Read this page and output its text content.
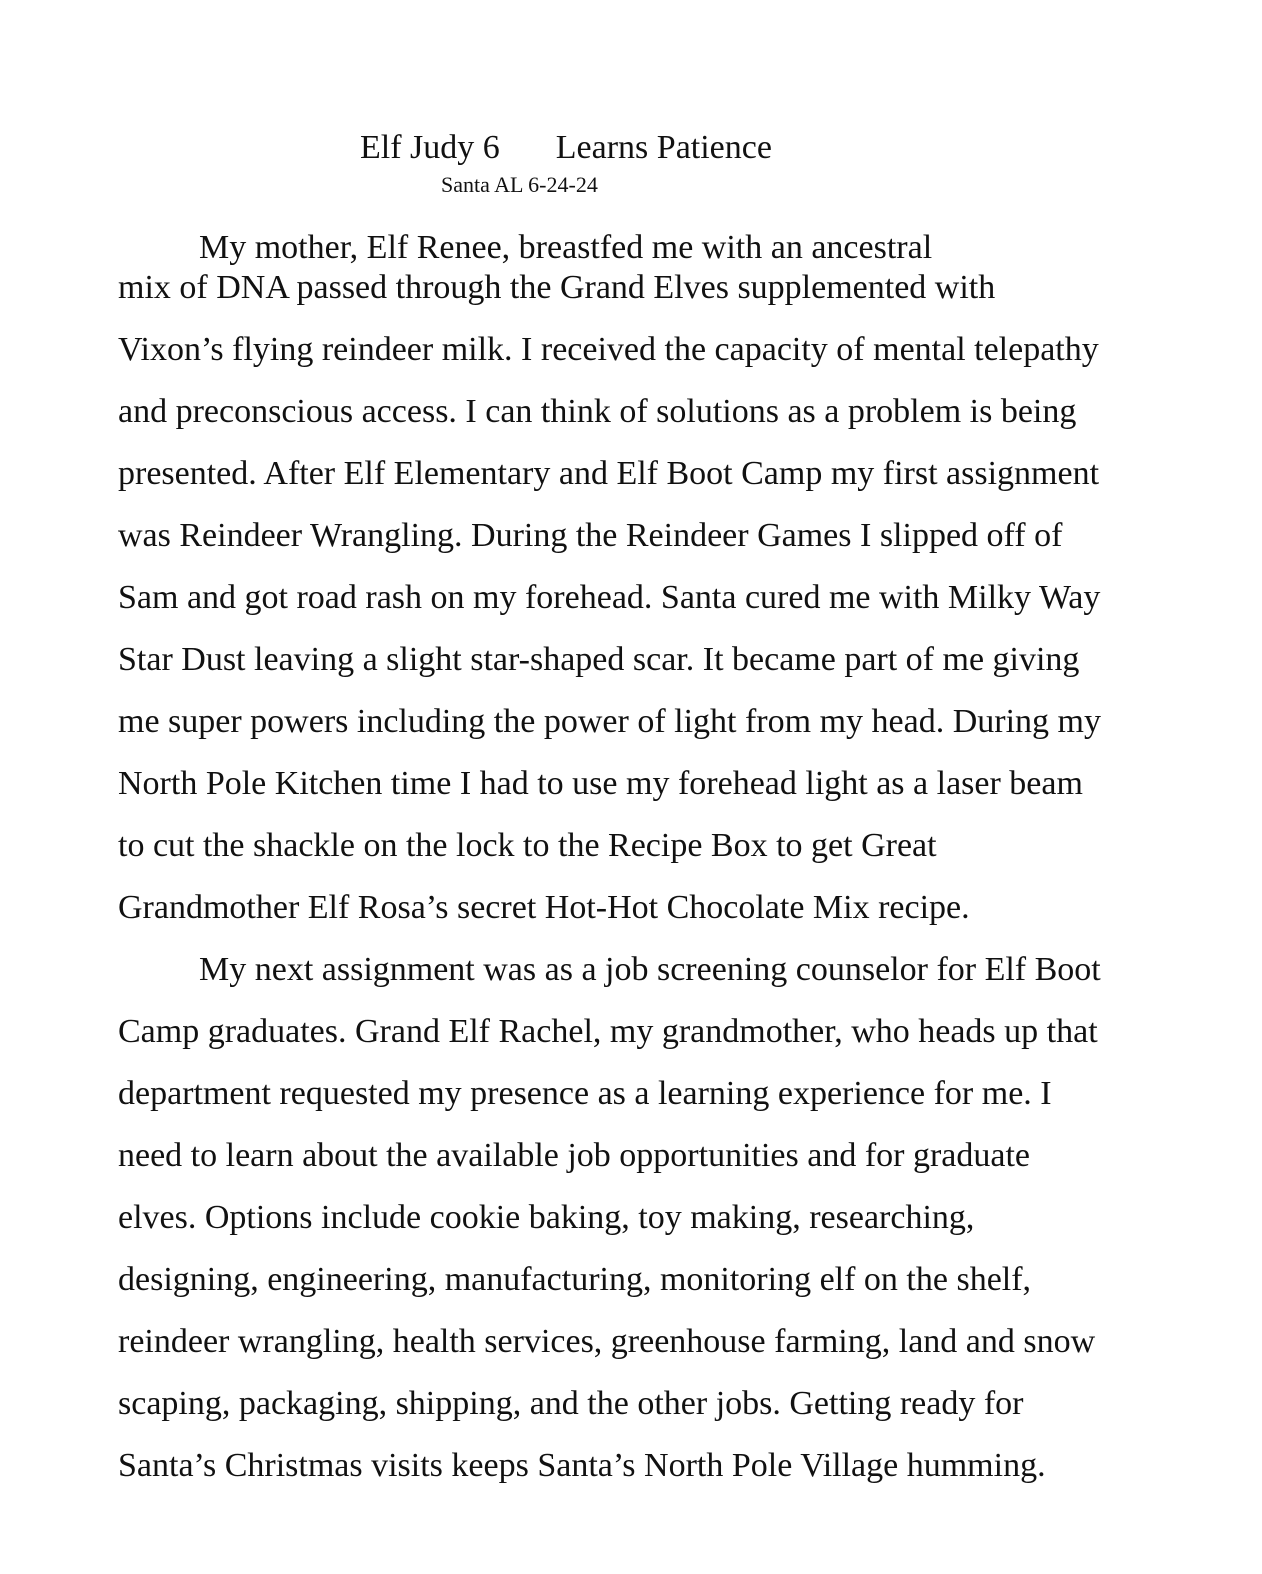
Elf Judy 6 Learns Patience
Santa AL 6-24-24
My mother, Elf Renee, breastfed me with an ancestral
mix of DNA passed through the Grand Elves supplemented with
Vixon’s flying reindeer milk. I received the capacity of mental telepathy
and preconscious access. I can think of solutions as a problem is being
presented. After Elf Elementary and Elf Boot Camp my first assignment
was Reindeer Wrangling. During the Reindeer Games I slipped off of
Sam and got road rash on my forehead. Santa cured me with Milky Way
Star Dust leaving a slight star-shaped scar. It became part of me giving
me super powers including the power of light from my head. During my
North Pole Kitchen time I had to use my forehead light as a laser beam
to cut the shackle on the lock to the Recipe Box to get Great
Grandmother Elf Rosa’s secret Hot-Hot Chocolate Mix recipe.
My next assignment was as a job screening counselor for Elf Boot
Camp graduates. Grand Elf Rachel, my grandmother, who heads up that
department requested my presence as a learning experience for me. I
need to learn about the available job opportunities and for graduate
elves. Options include cookie baking, toy making, researching,
designing, engineering, manufacturing, monitoring elf on the shelf,
reindeer wrangling, health services, greenhouse farming, land and snow
scaping, packaging, shipping, and the other jobs. Getting ready for
Santa’s Christmas visits keeps Santa’s North Pole Village humming.
